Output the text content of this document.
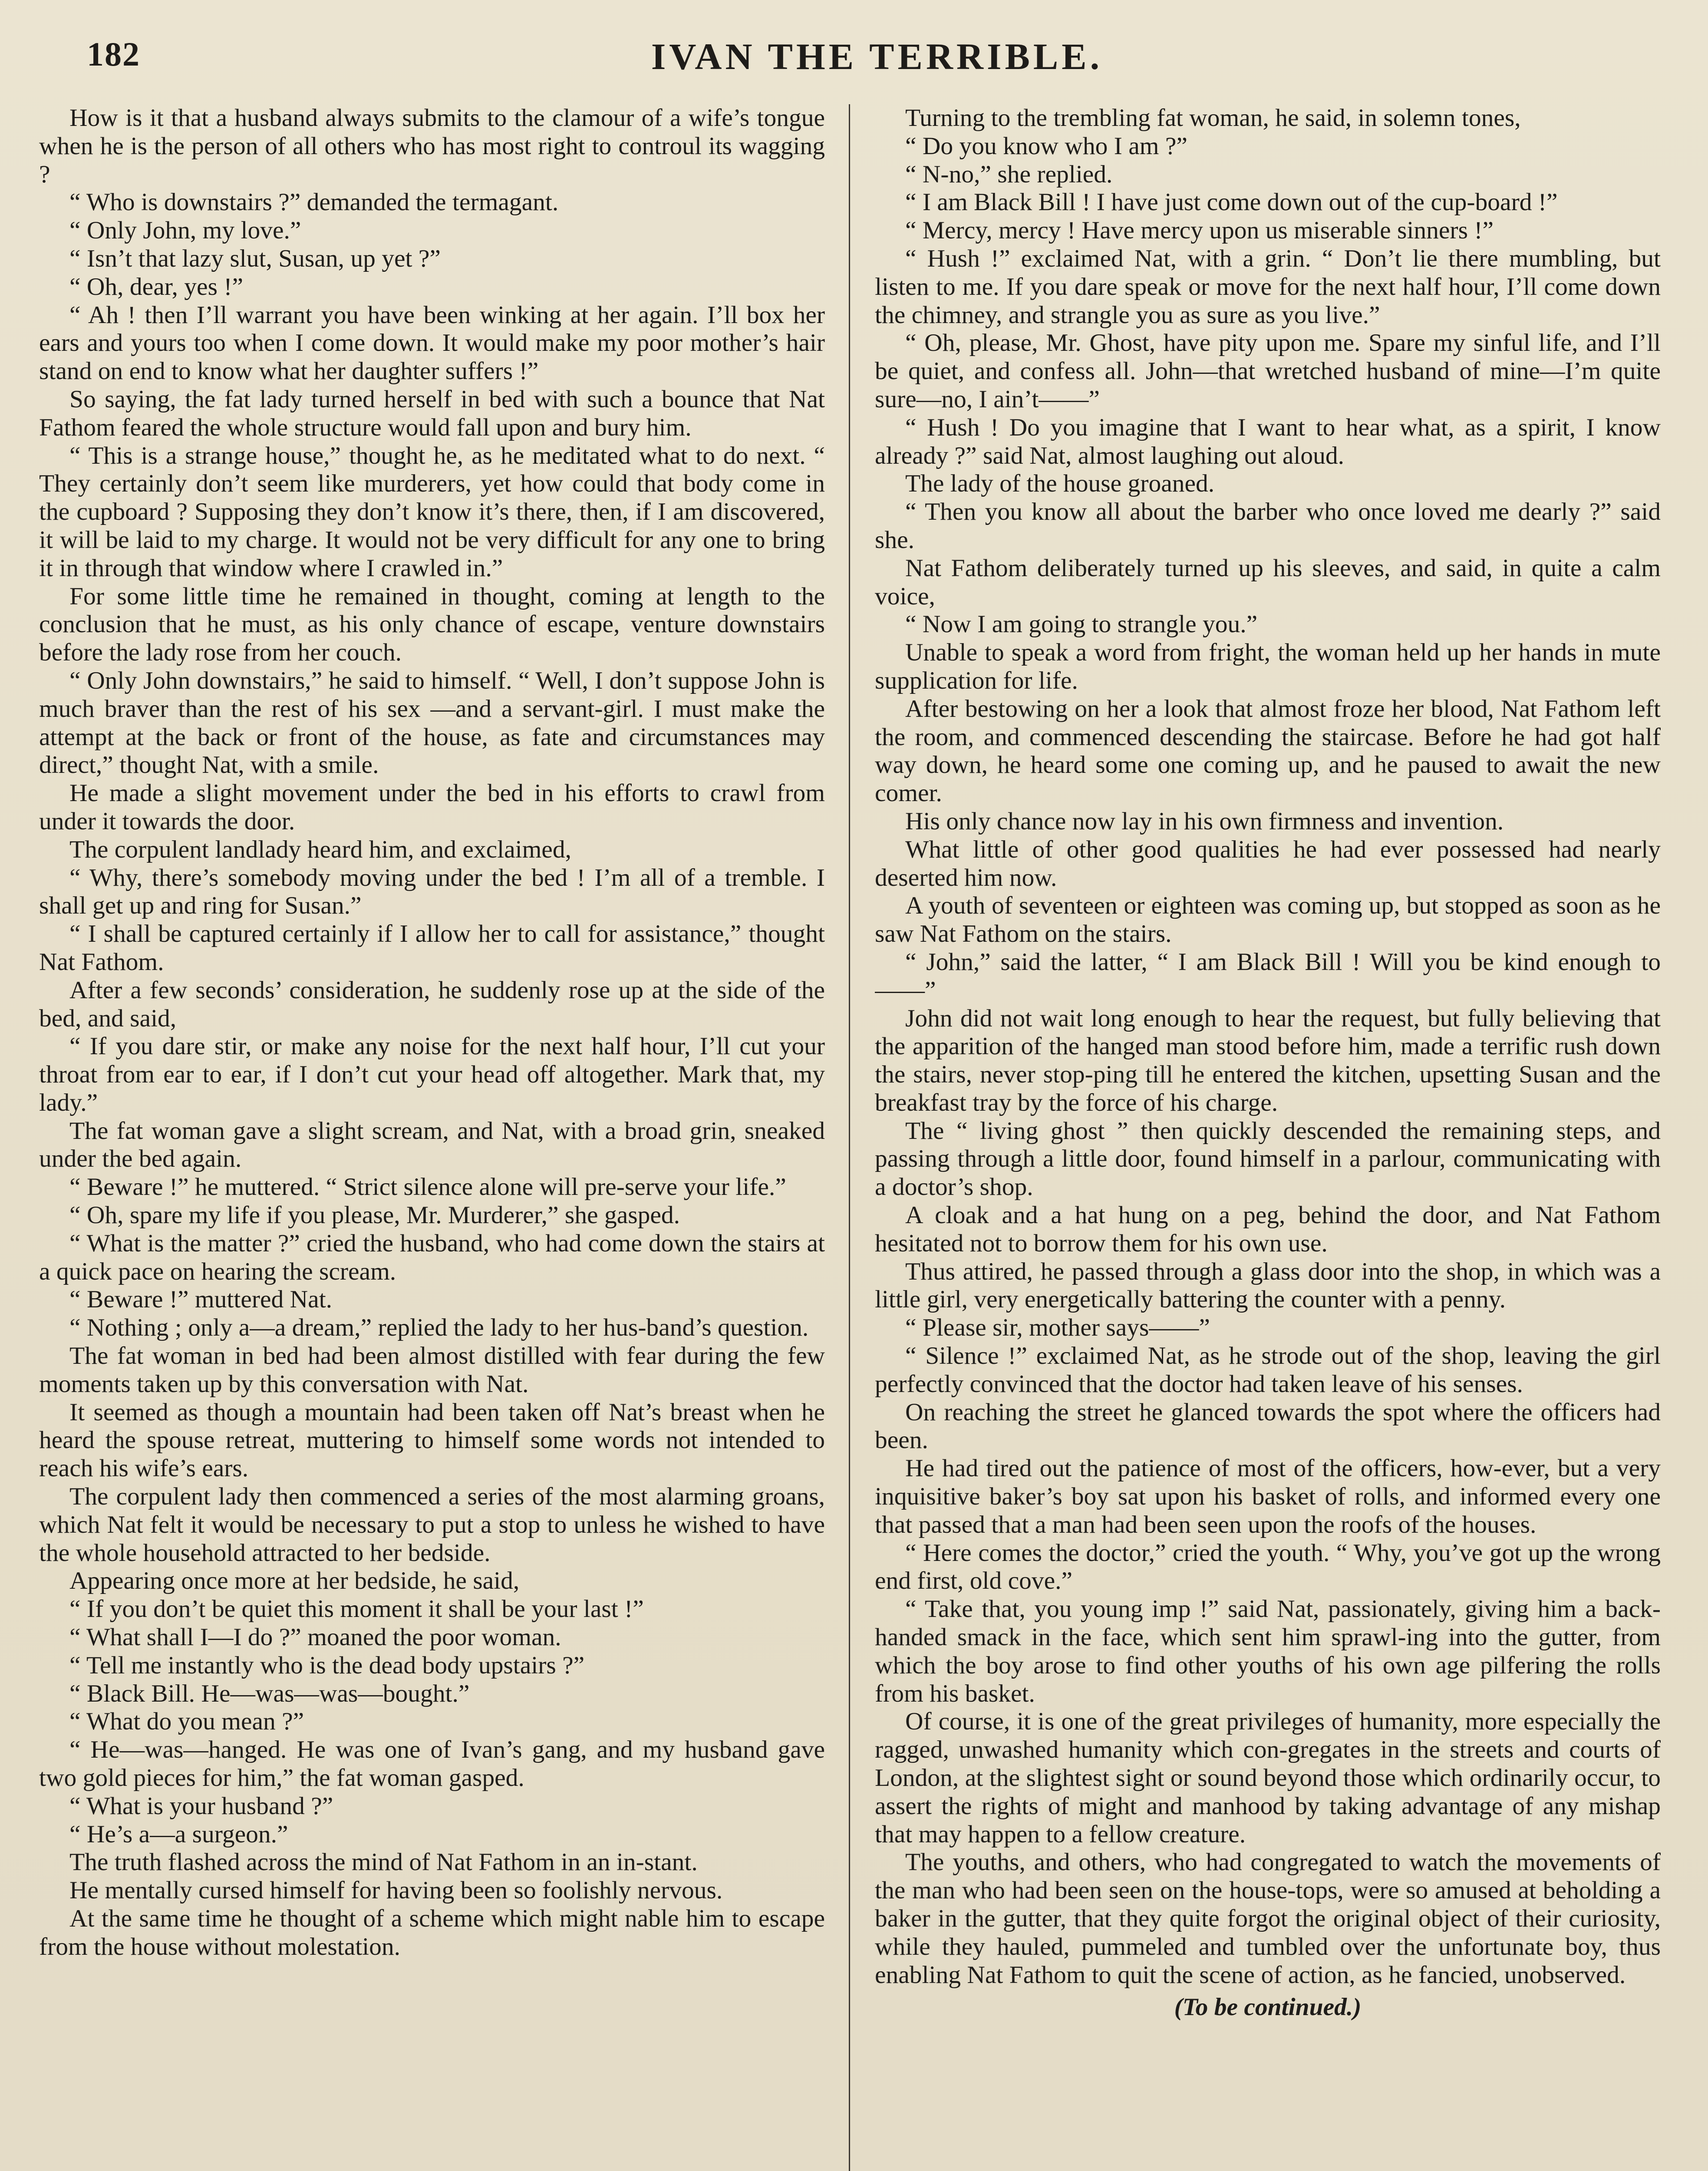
182	IVAN THE TERRIBLE.

How is it that a husband always submits to the clamour of a wife’s tongue when he is the person of all others who has most right to controul its wagging ?

“ Who is downstairs ?” demanded the termagant.

“ Only John, my love.”

“ Isn’t that lazy slut, Susan, up yet ?”

“ Oh, dear, yes !”

“ Ah ! then I’ll warrant you have been winking at her again. I’ll box her ears and yours too when I come down. It would make my poor mother’s hair stand on end to know what her daughter suffers !”

So saying, the fat lady turned herself in bed with such a bounce that Nat Fathom feared the whole structure would fall upon and bury him.

“ This is a strange house,” thought he, as he meditated what to do next. “ They certainly don’t seem like murderers, yet how could that body come in the cupboard ? Supposing they don’t know it’s there, then, if I am discovered, it will be laid to my charge. It would not be very difficult for any one to bring it in through that window where I crawled in.”

For some little time he remained in thought, coming at length to the conclusion that he must, as his only chance of escape, venture downstairs before the lady rose from her couch.

“ Only John downstairs,” he said to himself. “ Well, I don’t suppose John is much braver than the rest of his sex —and a servant-girl. I must make the attempt at the back or front of the house, as fate and circumstances may direct,” thought Nat, with a smile.

He made a slight movement under the bed in his efforts to crawl from under it towards the door.

The corpulent landlady heard him, and exclaimed,

“ Why, there’s somebody moving under the bed ! I’m all of a tremble. I shall get up and ring for Susan.”

“ I shall be captured certainly if I allow her to call for assistance,” thought Nat Fathom.

After a few seconds’ consideration, he suddenly rose up at the side of the bed, and said,

“ If you dare stir, or make any noise for the next half hour, I’ll cut your throat from ear to ear, if I don’t cut your head off altogether. Mark that, my lady.”

The fat woman gave a slight scream, and Nat, with a broad grin, sneaked under the bed again.

“ Beware !” he muttered. “ Strict silence alone will pre-serve your life.”

“ Oh, spare my life if you please, Mr. Murderer,” she gasped.

“ What is the matter ?” cried the husband, who had come down the stairs at a quick pace on hearing the scream.

“ Beware !” muttered Nat.

“ Nothing ; only a—a dream,” replied the lady to her hus-band’s question.

The fat woman in bed had been almost distilled with fear during the few moments taken up by this conversation with Nat.

It seemed as though a mountain had been taken off Nat’s breast when he heard the spouse retreat, muttering to himself some words not intended to reach his wife’s ears.

The corpulent lady then commenced a series of the most alarming groans, which Nat felt it would be necessary to put a stop to unless he wished to have the whole household attracted to her bedside.

Appearing once more at her bedside, he said,

“ If you don’t be quiet this moment it shall be your last !”

“ What shall I—I do ?” moaned the poor woman.

“ Tell me instantly who is the dead body upstairs ?”

“ Black Bill. He—was—was—bought.”

“ What do you mean ?”

“ He—was—hanged. He was one of Ivan’s gang, and my husband gave two gold pieces for him,” the fat woman gasped.

“ What is your husband ?”

“ He’s a—a surgeon.”

The truth flashed across the mind of Nat Fathom in an in-stant.

He mentally cursed himself for having been so foolishly nervous.

At the same time he thought of a scheme which might nable him to escape from the house without molestation.

Turning to the trembling fat woman, he said, in solemn tones,

“ Do you know who I am ?”

“ N-no,” she replied.

“ I am Black Bill ! I have just come down out of the cup-board !”

“ Mercy, mercy ! Have mercy upon us miserable sinners !”

“ Hush !” exclaimed Nat, with a grin. “ Don’t lie there mumbling, but listen to me. If you dare speak or move for the next half hour, I’ll come down the chimney, and strangle you as sure as you live.”

“ Oh, please, Mr. Ghost, have pity upon me. Spare my sinful life, and I’ll be quiet, and confess all. John—that wretched husband of mine—I’m quite sure—no, I ain’t——”

“ Hush ! Do you imagine that I want to hear what, as a spirit, I know already ?” said Nat, almost laughing out aloud.

The lady of the house groaned.

“ Then you know all about the barber who once loved me dearly ?” said she.

Nat Fathom deliberately turned up his sleeves, and said, in quite a calm voice,

“ Now I am going to strangle you.”

Unable to speak a word from fright, the woman held up her hands in mute supplication for life.

After bestowing on her a look that almost froze her blood, Nat Fathom left the room, and commenced descending the staircase. Before he had got half way down, he heard some one coming up, and he paused to await the new comer.

His only chance now lay in his own firmness and invention.

What little of other good qualities he had ever possessed had nearly deserted him now.

A youth of seventeen or eighteen was coming up, but stopped as soon as he saw Nat Fathom on the stairs.

“ John,” said the latter, “ I am Black Bill ! Will you be kind enough to——”

John did not wait long enough to hear the request, but fully believing that the apparition of the hanged man stood before him, made a terrific rush down the stairs, never stop-ping till he entered the kitchen, upsetting Susan and the breakfast tray by the force of his charge.

The “ living ghost ” then quickly descended the remaining steps, and passing through a little door, found himself in a parlour, communicating with a doctor’s shop.

A cloak and a hat hung on a peg, behind the door, and Nat Fathom hesitated not to borrow them for his own use.

Thus attired, he passed through a glass door into the shop, in which was a little girl, very energetically battering the counter with a penny.

“ Please sir, mother says——”

“ Silence !” exclaimed Nat, as he strode out of the shop, leaving the girl perfectly convinced that the doctor had taken leave of his senses.

On reaching the street he glanced towards the spot where the officers had been.

He had tired out the patience of most of the officers, how-ever, but a very inquisitive baker’s boy sat upon his basket of rolls, and informed every one that passed that a man had been seen upon the roofs of the houses.

“ Here comes the doctor,” cried the youth. “ Why, you’ve got up the wrong end first, old cove.”

“ Take that, you young imp !” said Nat, passionately, giving him a back-handed smack in the face, which sent him sprawl-ing into the gutter, from which the boy arose to find other youths of his own age pilfering the rolls from his basket.

Of course, it is one of the great privileges of humanity, more especially the ragged, unwashed humanity which con-gregates in the streets and courts of London, at the slightest sight or sound beyond those which ordinarily occur, to assert the rights of might and manhood by taking advantage of any mishap that may happen to a fellow creature.

The youths, and others, who had congregated to watch the movements of the man who had been seen on the house-tops, were so amused at beholding a baker in the gutter, that they quite forgot the original object of their curiosity, while they hauled, pummeled and tumbled over the unfortunate boy, thus enabling Nat Fathom to quit the scene of action, as he fancied, unobserved.

(To be continued.)
